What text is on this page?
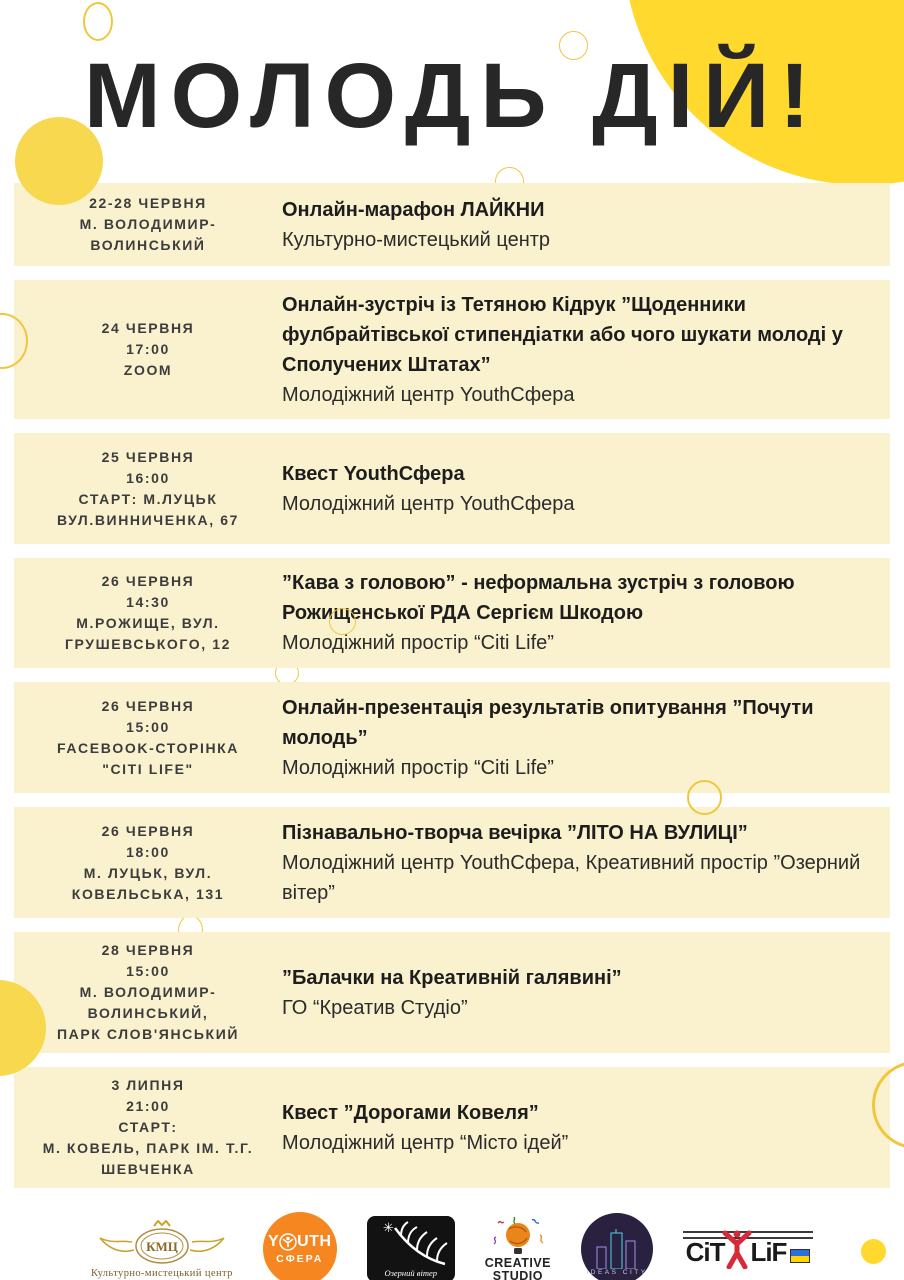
МОЛОДЬ ДІЙ!
22-28 ЧЕРВНЯ
М. ВОЛОДИМИР-
ВОЛИНСЬКИЙ
Онлайн-марафон ЛАЙКНИ
Культурно-мистецький центр
24 ЧЕРВНЯ
17:00
ZOOM
Онлайн-зустріч із Тетяною Кідрук ”Щоденники фулбрайтівської стипендіатки або чого шукати молоді у Сполучених Штатах”
Молодіжний центр YouthСфера
25 ЧЕРВНЯ
16:00
СТАРТ: М.ЛУЦЬК
ВУЛ.ВИННИЧЕНКА, 67
Квест YouthСфера
Молодіжний центр YouthСфера
26 ЧЕРВНЯ
14:30
М.РОЖИЩЕ, ВУЛ.
ГРУШЕВСЬКОГО, 12
”Кава з головою” - неформальна зустріч з головою Рожищенської РДА Сергієм Шкодою
Молодіжний простір “Citi Life”
26 ЧЕРВНЯ
15:00
FACEBOOK-СТОРІНКА
"CITI LIFE"
Онлайн-презентація результатів опитування ”Почути молодь”
Молодіжний простір “Citi Life”
26 ЧЕРВНЯ
18:00
М. ЛУЦЬК, ВУЛ.
КОВЕЛЬСЬКА, 131
Пізнавально-творча вечірка ”ЛІТО НА ВУЛИЦІ”
Молодіжний центр YouthСфера, Креативний простір ”Озерний вітер”
28 ЧЕРВНЯ
15:00
М. ВОЛОДИМИР-
ВОЛИНСЬКИЙ,
ПАРК СЛОВ'ЯНСЬКИЙ
”Балачки на Креативній галявині”
ГО “Креатив Студіо”
3 ЛИПНЯ
21:00
СТАРТ:
М. КОВЕЛЬ, ПАРК ІМ. Т.Г.
ШЕВЧЕНКА
Квест ”Дорогами Ковеля”
Молодіжний центр “Місто ідей”
КМЦ
Культурно-мистецький центр
Y UTH
СФЕРА
✳
Озерний вітер
CREATIVE
STUDIO	IDEAS CITY
CiT LiF
